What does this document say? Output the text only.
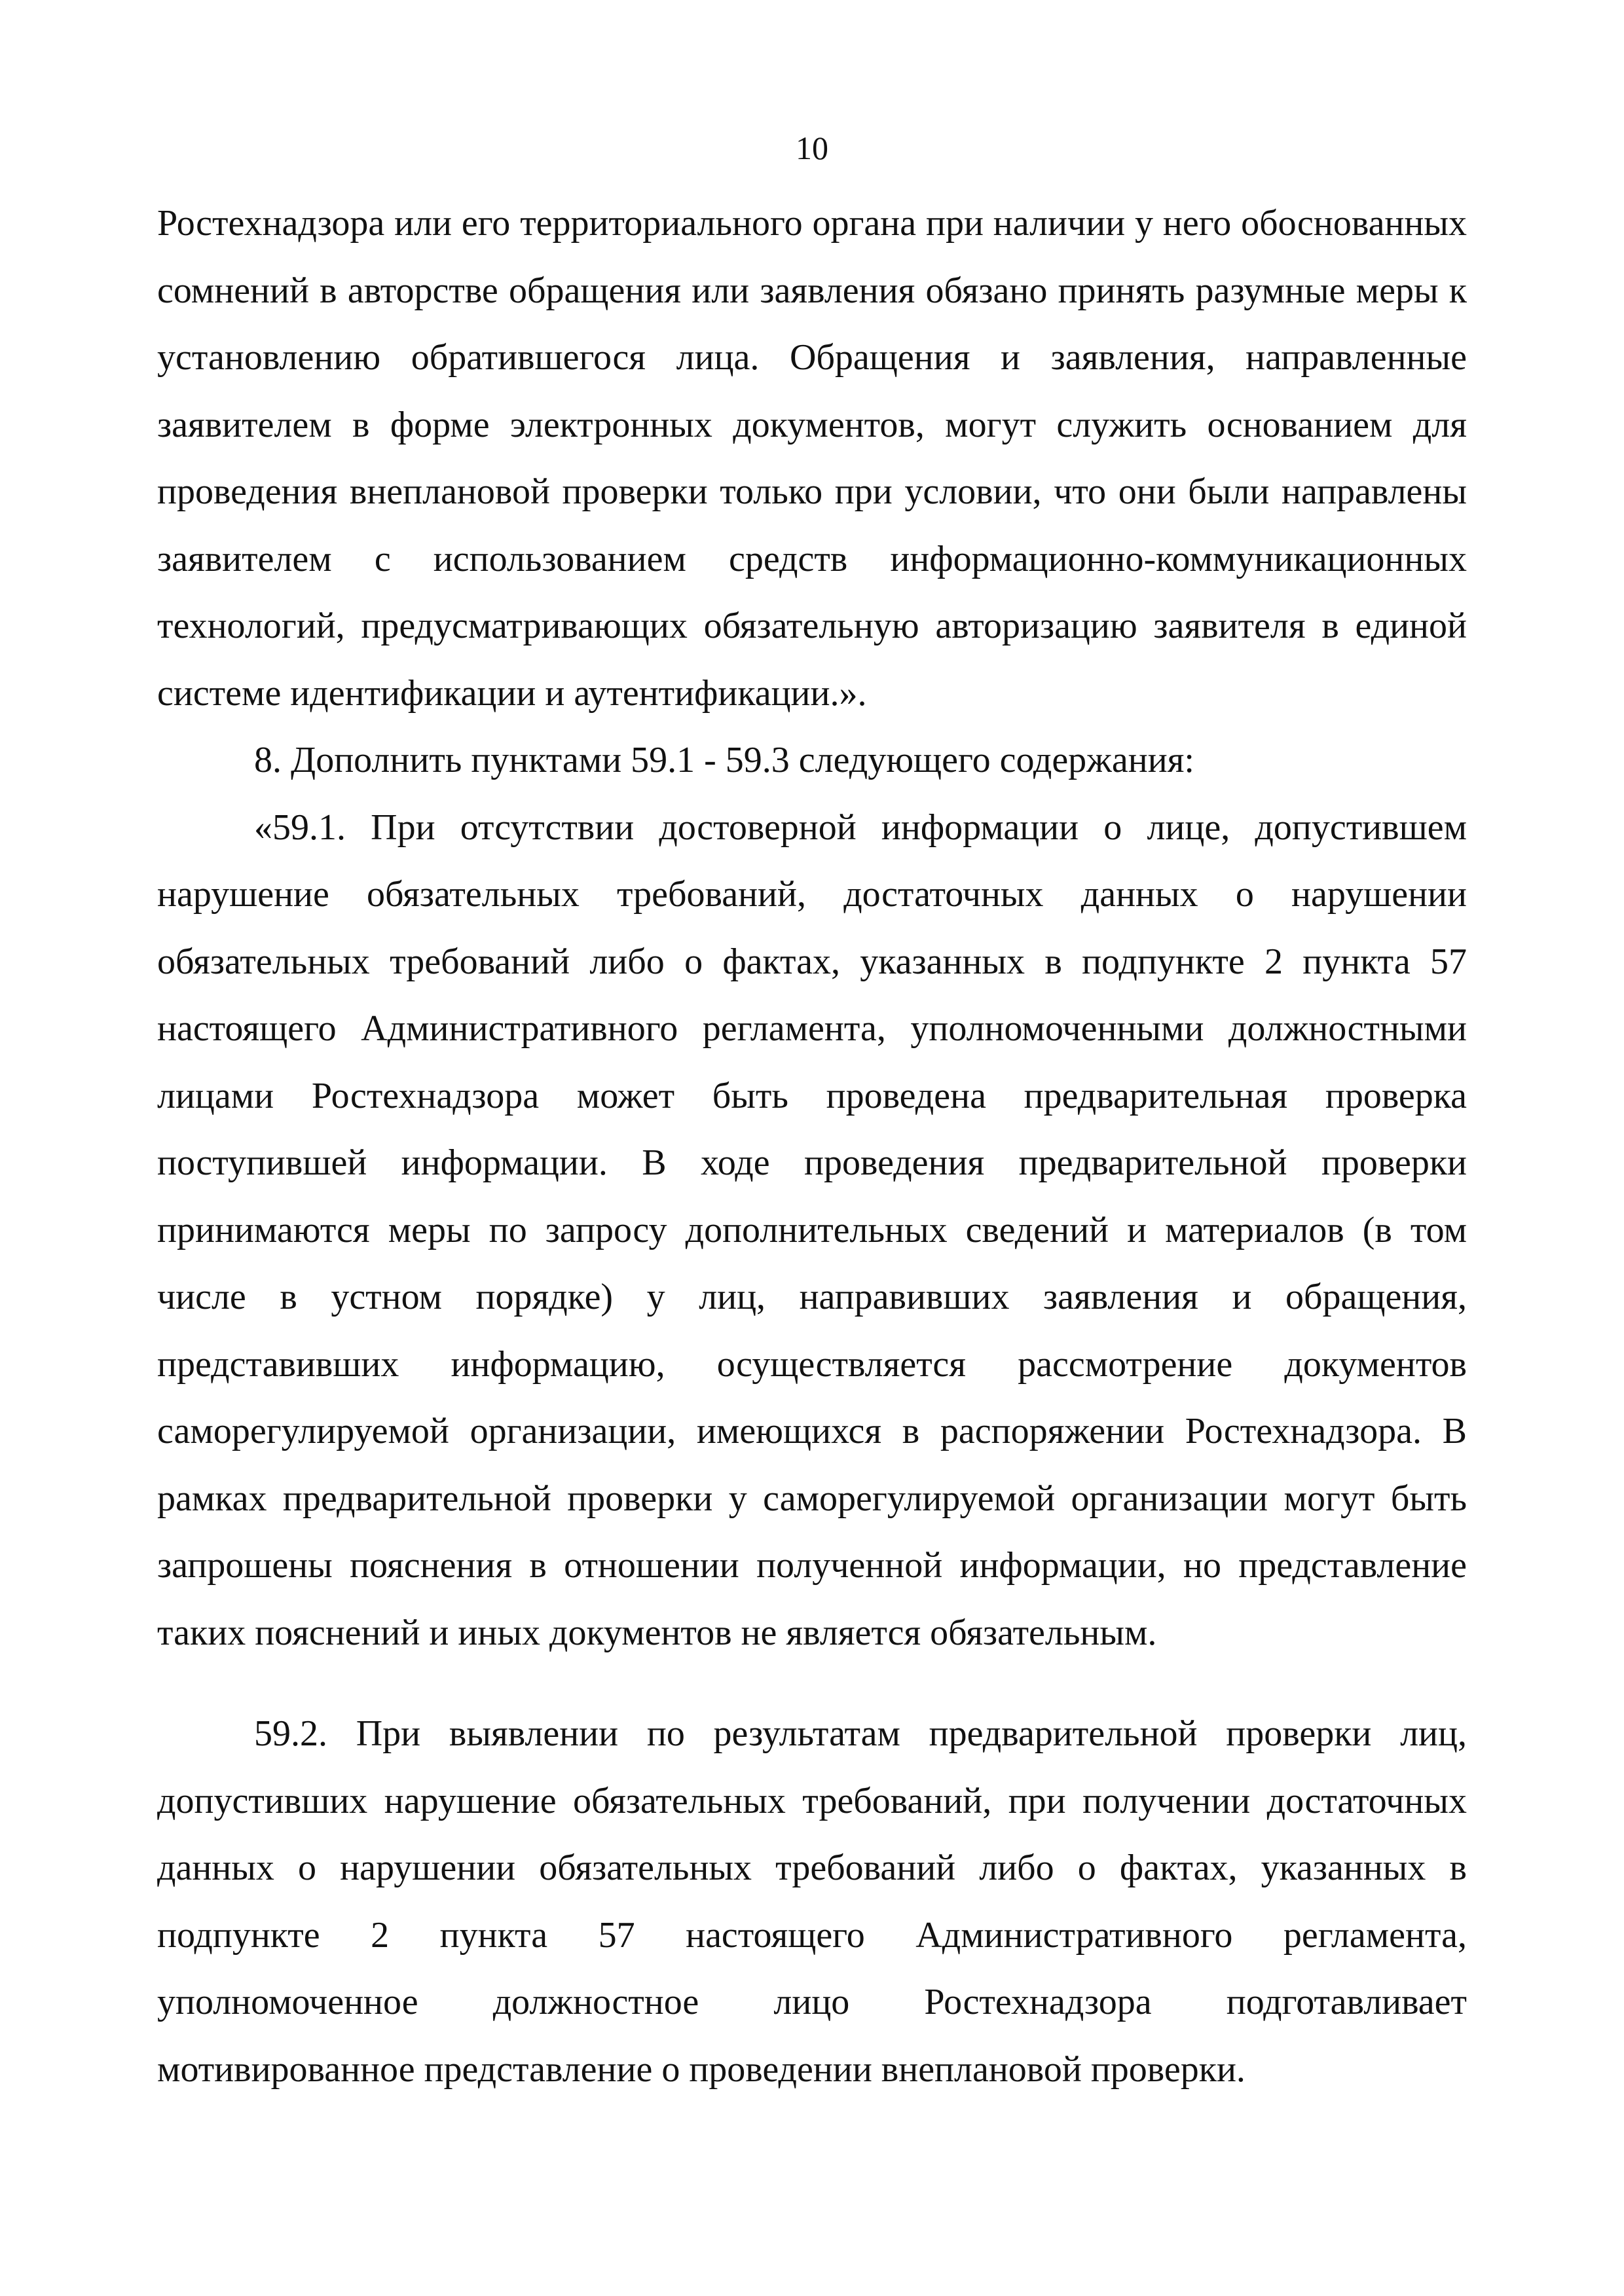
10

Ростехнадзора или его территориального органа при наличии у него обоснованных сомнений в авторстве обращения или заявления обязано принять разумные меры к установлению обратившегося лица. Обращения и заявления, направленные заявителем в форме электронных документов, могут служить основанием для проведения внеплановой проверки только при условии, что они были направлены заявителем с использованием средств информационно-коммуникационных технологий, предусматривающих обязательную авторизацию заявителя в единой системе идентификации и аутентификации.».

8. Дополнить пунктами 59.1 - 59.3 следующего содержания:

«59.1. При отсутствии достоверной информации о лице, допустившем нарушение обязательных требований, достаточных данных о нарушении обязательных требований либо о фактах, указанных в подпункте 2 пункта 57 настоящего Административного регламента, уполномоченными должностными лицами Ростехнадзора может быть проведена предварительная проверка поступившей информации. В ходе проведения предварительной проверки принимаются меры по запросу дополнительных сведений и материалов (в том числе в устном порядке) у лиц, направивших заявления и обращения, представивших информацию, осуществляется рассмотрение документов саморегулируемой организации, имеющихся в распоряжении Ростехнадзора. В рамках предварительной проверки у саморегулируемой организации могут быть запрошены пояснения в отношении полученной информации, но представление таких пояснений и иных документов не является обязательным.

59.2. При выявлении по результатам предварительной проверки лиц, допустивших нарушение обязательных требований, при получении достаточных данных о нарушении обязательных требований либо о фактах, указанных в подпункте 2 пункта 57 настоящего Административного регламента, уполномоченное должностное лицо Ростехнадзора подготавливает мотивированное представление о проведении внеплановой проверки.
